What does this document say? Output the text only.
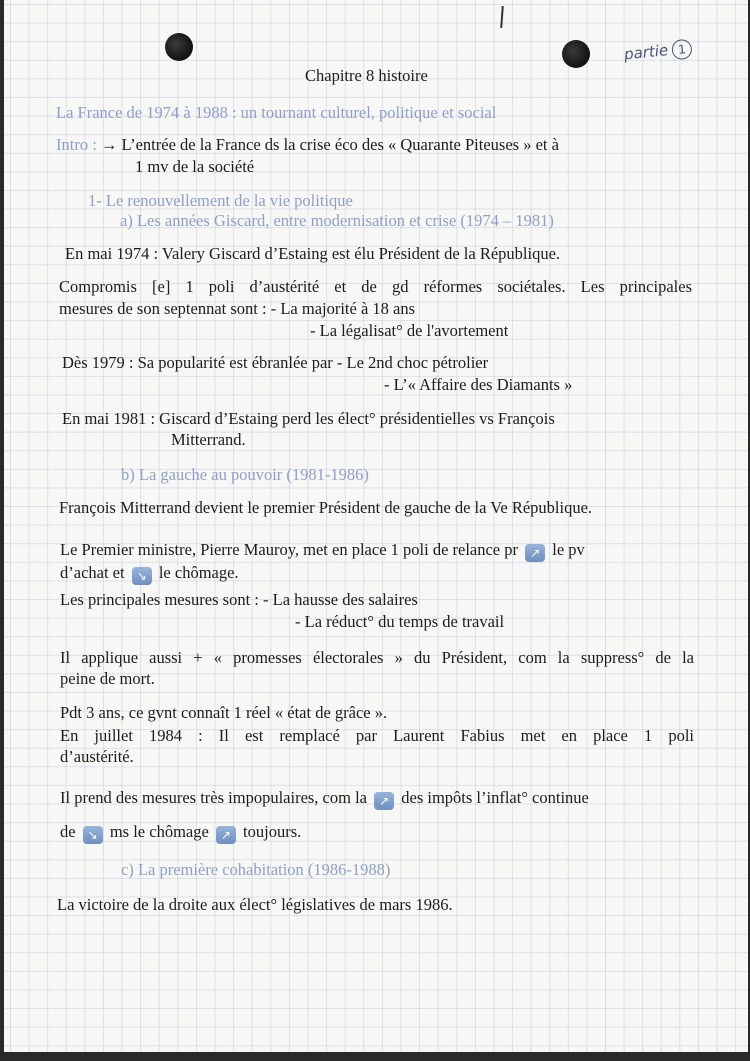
partie 1
Chapitre 8 histoire
La France de 1974 à 1988 : un tournant culturel, politique et social
Intro : → L’entrée de la France ds la crise éco des « Quarante Piteuses » et à
1 mv de la société
1- Le renouvellement de la vie politique
a) Les années Giscard, entre modernisation et crise (1974 – 1981)
En mai 1974 : Valery Giscard d’Estaing est élu Président de la République.
Compromis [e] 1 poli d’austérité et de gd réformes sociétales. Les principales
mesures de son septennat sont : - La majorité à 18 ans
- La légalisat° de l'avortement
Dès 1979 : Sa popularité est ébranlée par - Le 2nd choc pétrolier
- L’« Affaire des Diamants »
En mai 1981 : Giscard d’Estaing perd les élect° présidentielles vs François
Mitterrand.
b) La gauche au pouvoir (1981-1986)
François Mitterrand devient le premier Président de gauche de la Ve République.
Le Premier ministre, Pierre Mauroy, met en place 1 poli de relance pr ↗ le pv
d’achat et ↘ le chômage.
Les principales mesures sont : - La hausse des salaires
- La réduct° du temps de travail
Il applique aussi + « promesses électorales » du Président, com la suppress° de la
peine de mort.
Pdt 3 ans, ce gvnt connaît 1 réel « état de grâce ».
En juillet 1984 : Il est remplacé par Laurent Fabius met en place 1 poli
d’austérité.
Il prend des mesures très impopulaires, com la ↗ des impôts l’inflat° continue
de ↘ ms le chômage ↗ toujours.
c) La première cohabitation (1986-1988)
La victoire de la droite aux élect° législatives de mars 1986.
